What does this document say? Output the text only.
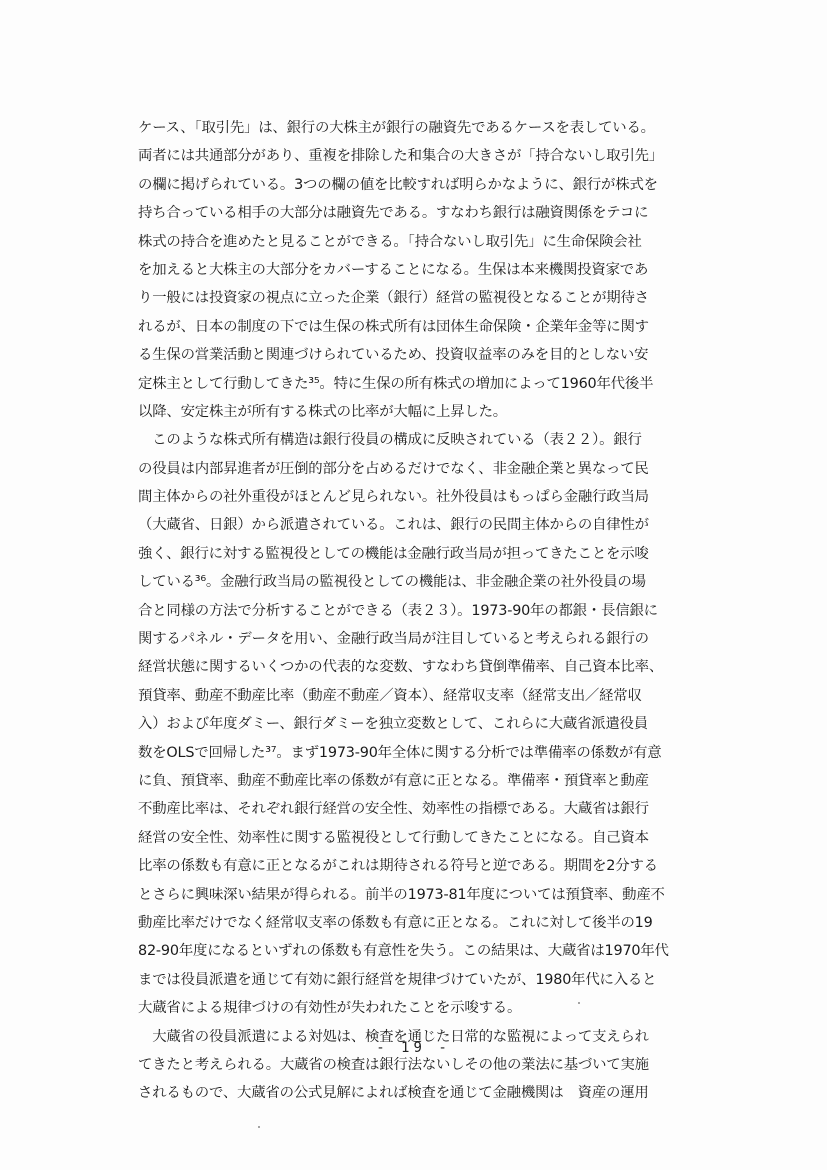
ケース、「取引先」は、銀行の大株主が銀行の融資先であるケースを表している。
両者には共通部分があり、重複を排除した和集合の大きさが「持合ないし取引先」
の欄に掲げられている。3つの欄の値を比較すれば明らかなように、銀行が株式を
持ち合っている相手の大部分は融資先である。すなわち銀行は融資関係をテコに
株式の持合を進めたと見ることができる。「持合ないし取引先」に生命保険会社
を加えると大株主の大部分をカバーすることになる。生保は本来機関投資家であ
り一般には投資家の視点に立った企業（銀行）経営の監視役となることが期待さ
れるが、日本の制度の下では生保の株式所有は団体生命保険・企業年金等に関す
る生保の営業活動と関連づけられているため、投資収益率のみを目的としない安
定株主として行動してきた³⁵。特に生保の所有株式の増加によって1960年代後半
以降、安定株主が所有する株式の比率が大幅に上昇した。
　このような株式所有構造は銀行役員の構成に反映されている（表２２）。銀行
の役員は内部昇進者が圧倒的部分を占めるだけでなく、非金融企業と異なって民
間主体からの社外重役がほとんど見られない。社外役員はもっぱら金融行政当局
（大蔵省、日銀）から派遣されている。これは、銀行の民間主体からの自律性が
強く、銀行に対する監視役としての機能は金融行政当局が担ってきたことを示唆
している³⁶。金融行政当局の監視役としての機能は、非金融企業の社外役員の場
合と同様の方法で分析することができる（表２３）。1973-90年の都銀・長信銀に
関するパネル・データを用い、金融行政当局が注目していると考えられる銀行の
経営状態に関するいくつかの代表的な変数、すなわち貸倒準備率、自己資本比率、
預貸率、動産不動産比率（動産不動産／資本）、経常収支率（経常支出／経常収
入）および年度ダミー、銀行ダミーを独立変数として、これらに大蔵省派遣役員
数をOLSで回帰した³⁷。まず1973-90年全体に関する分析では準備率の係数が有意
に負、預貸率、動産不動産比率の係数が有意に正となる。準備率・預貸率と動産
不動産比率は、それぞれ銀行経営の安全性、効率性の指標である。大蔵省は銀行
経営の安全性、効率性に関する監視役として行動してきたことになる。自己資本
比率の係数も有意に正となるがこれは期待される符号と逆である。期間を2分する
とさらに興味深い結果が得られる。前半の1973-81年度については預貸率、動産不
動産比率だけでなく経常収支率の係数も有意に正となる。これに対して後半の19
82-90年度になるといずれの係数も有意性を失う。この結果は、大蔵省は1970年代
までは役員派遣を通じて有効に銀行経営を規律づけていたが、1980年代に入ると
大蔵省による規律づけの有効性が失われたことを示唆する。
　大蔵省の役員派遣による対処は、検査を通じた日常的な監視によって支えられ
てきたと考えられる。大蔵省の検査は銀行法ないしその他の業法に基づいて実施
されるもので、大蔵省の公式見解によれば検査を通じて金融機関は　資産の運用
- 19 -
